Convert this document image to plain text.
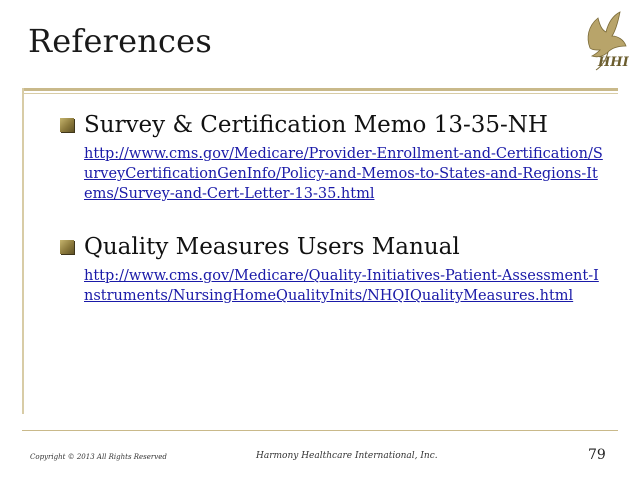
References
HHI
Survey & Certification Memo 13-35-NH
http://www.cms.gov/Medicare/Provider-Enrollment-and-Certification/SurveyCertificationGenInfo/Policy-and-Memos-to-States-and-Regions-Items/Survey-and-Cert-Letter-13-35.html
Quality Measures Users Manual
http://www.cms.gov/Medicare/Quality-Initiatives-Patient-Assessment-Instruments/NursingHomeQualityInits/NHQIQualityMeasures.html
Copyright © 2013 All Rights Reserved	Harmony Healthcare International, Inc.	79
